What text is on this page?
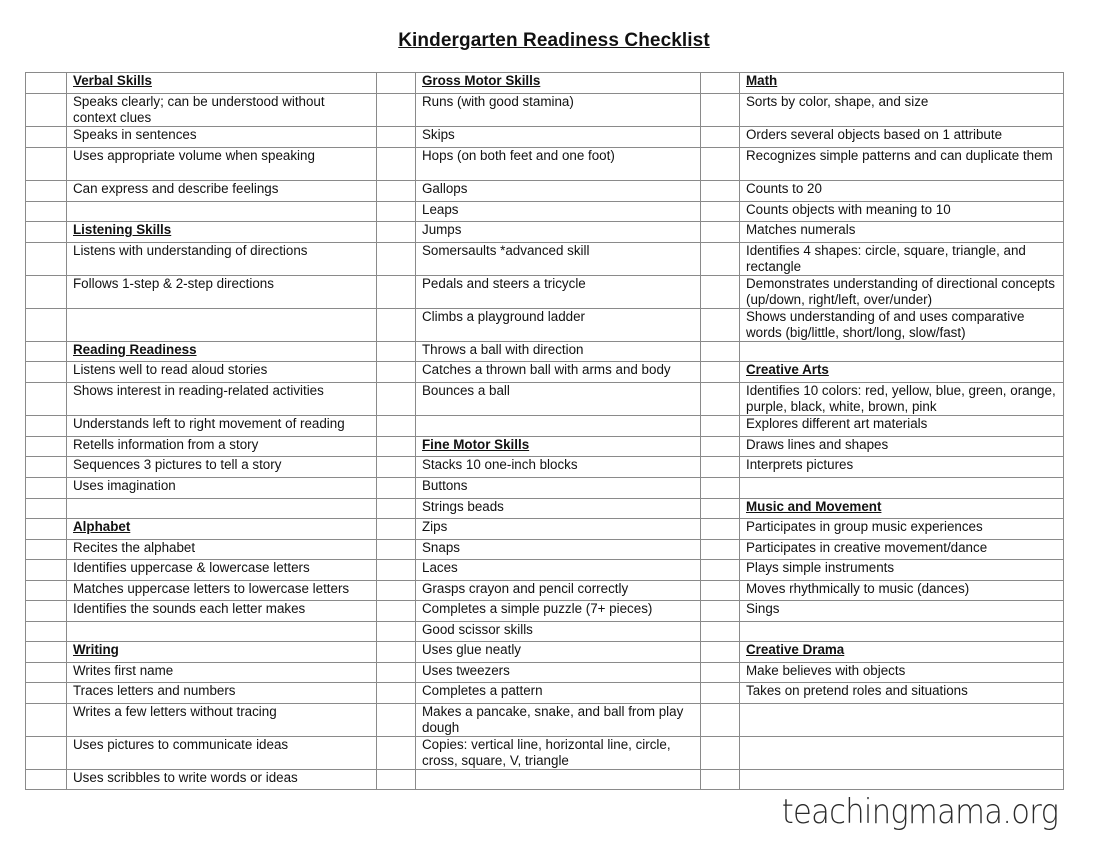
Kindergarten Readiness Checklist
	Verbal Skills		Gross Motor Skills		Math
	Speaks clearly; can be understood without context clues		Runs (with good stamina)		Sorts by color, shape, and size
	Speaks in sentences		Skips		Orders several objects based on 1 attribute
	Uses appropriate volume when speaking		Hops (on both feet and one foot)		Recognizes simple patterns and can duplicate them
	Can express and describe feelings		Gallops		Counts to 20
			Leaps		Counts objects with meaning to 10
	Listening Skills		Jumps		Matches numerals
	Listens with understanding of directions		Somersaults *advanced skill		Identifies 4 shapes: circle, square, triangle, and rectangle
	Follows 1-step & 2-step directions		Pedals and steers a tricycle		Demonstrates understanding of directional concepts (up/down, right/left, over/under)
			Climbs a playground ladder		Shows understanding of and uses comparative words (big/little, short/long, slow/fast)
	Reading Readiness		Throws a ball with direction		
	Listens well to read aloud stories		Catches a thrown ball with arms and body		Creative Arts
	Shows interest in reading-related activities		Bounces a ball		Identifies 10 colors: red, yellow, blue, green, orange, purple, black, white, brown, pink
	Understands left to right movement of reading				Explores different art materials
	Retells information from a story		Fine Motor Skills		Draws lines and shapes
	Sequences 3 pictures to tell a story		Stacks 10 one-inch blocks		Interprets pictures
	Uses imagination		Buttons		
			Strings beads		Music and Movement
	Alphabet		Zips		Participates in group music experiences
	Recites the alphabet		Snaps		Participates in creative movement/dance
	Identifies uppercase & lowercase letters		Laces		Plays simple instruments
	Matches uppercase letters to lowercase letters		Grasps crayon and pencil correctly		Moves rhythmically to music (dances)
	Identifies the sounds each letter makes		Completes a simple puzzle (7+ pieces)		Sings
			Good scissor skills		
	Writing		Uses glue neatly		Creative Drama
	Writes first name		Uses tweezers		Make believes with objects
	Traces letters and numbers		Completes a pattern		Takes on pretend roles and situations
	Writes a few letters without tracing		Makes a pancake, snake, and ball from play dough		
	Uses pictures to communicate ideas		Copies: vertical line, horizontal line, circle, cross, square, V, triangle		
	Uses scribbles to write words or ideas				
teachingmama.org
